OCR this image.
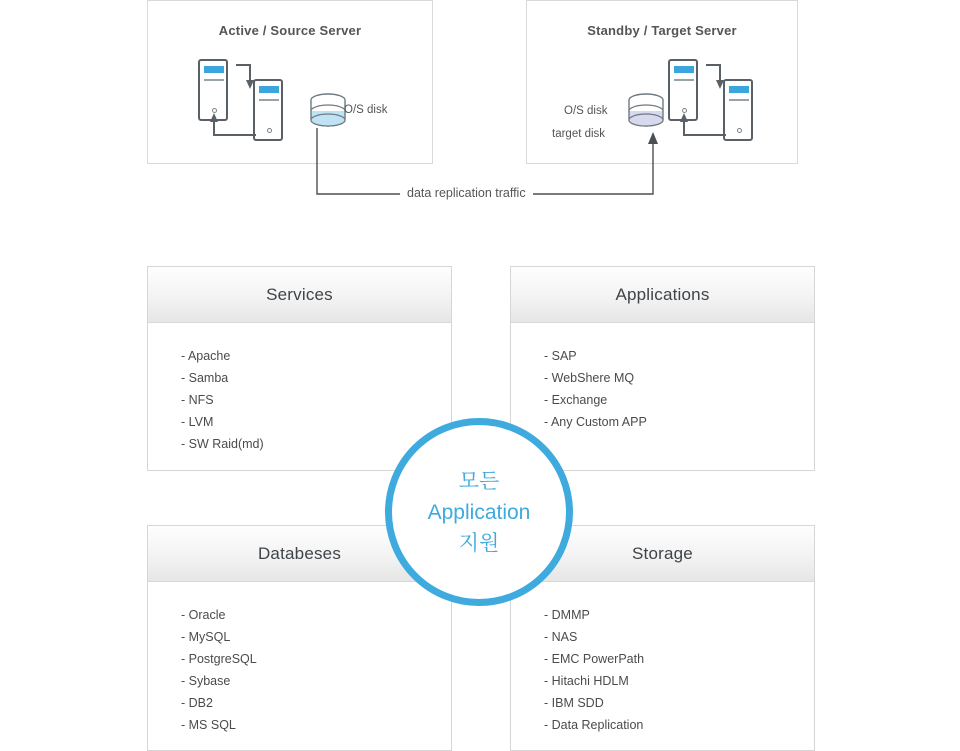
Active / Source Server
O/S disk
Standby / Target Server
O/S disk
target disk
data replication traffic
Services
- Apache
- Samba
- NFS
- LVM
- SW Raid(md)
Applications
- SAP
- WebShere MQ
- Exchange
- Any Custom APP
Databeses
- Oracle
- MySQL
- PostgreSQL
- Sybase
- DB2
- MS SQL
Storage
- DMMP
- NAS
- EMC PowerPath
- Hitachi HDLM
- IBM SDD
- Data Replication
모든
Application
지원
